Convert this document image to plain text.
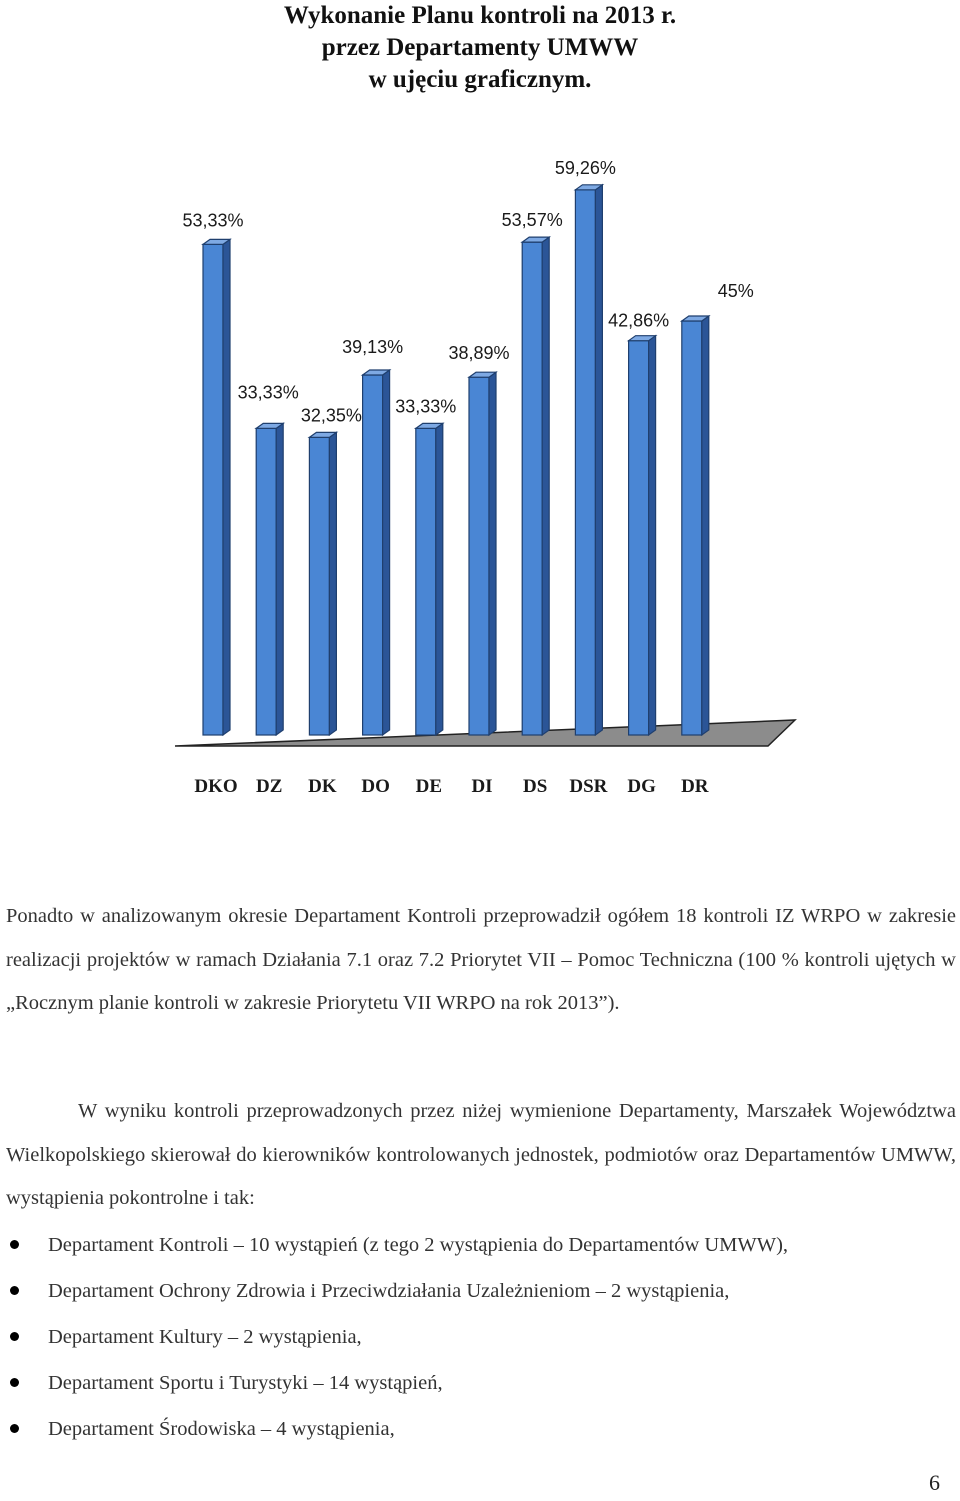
Wykonanie Planu kontroli na 2013 r.
przez Departamenty UMWW
w ujęciu graficznym.
53,33%
33,33%
32,35%
39,13%
33,33%
38,89%
53,57%
59,26%
42,86%
45%
DKO DZ DK DO DE DI DS DSR DG DR
Ponadto w analizowanym okresie Departament Kontroli przeprowadził ogółem 18 kontroli IZ WRPO w zakresie realizacji projektów w ramach Działania 7.1 oraz 7.2 Priorytet VII – Pomoc Techniczna (100 % kontroli ujętych w „Rocznym planie kontroli w zakresie Priorytetu VII WRPO na rok 2013”).
W wyniku kontroli przeprowadzonych przez niżej wymienione Departamenty, Marszałek Województwa Wielkopolskiego skierował do kierowników kontrolowanych jednostek, podmiotów oraz Departamentów UMWW, wystąpienia pokontrolne i tak:
Departament Kontroli – 10 wystąpień (z tego 2 wystąpienia do Departamentów UMWW),
Departament Ochrony Zdrowia i Przeciwdziałania Uzależnieniom – 2 wystąpienia,
Departament Kultury – 2 wystąpienia,
Departament Sportu i Turystyki – 14 wystąpień,
Departament Środowiska – 4 wystąpienia,
6
